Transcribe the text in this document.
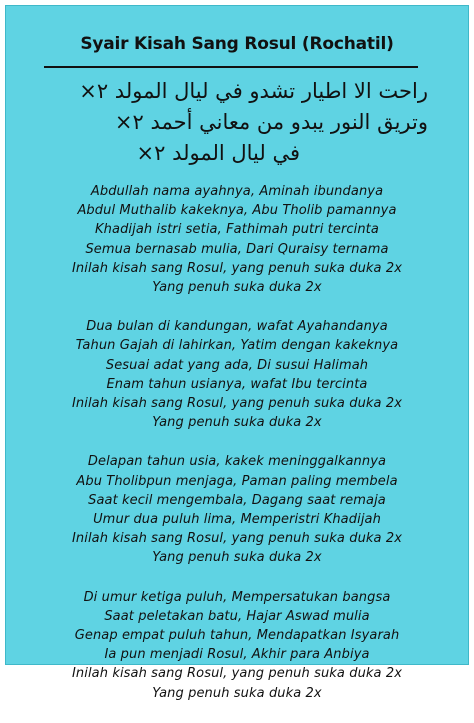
Syair Kisah Sang Rosul (Rochatil)
راحت الا اطيار تشدو في ليال المولد ٢×
وتريق النور يبدو من معاني أحمد ٢×
في ليال المولد ٢×
Abdullah nama ayahnya, Aminah ibundanya
Abdul Muthalib kakeknya, Abu Tholib pamannya
Khadijah istri setia, Fathimah putri tercinta
Semua bernasab mulia, Dari Quraisy ternama
Inilah kisah sang Rosul, yang penuh suka duka 2x
Yang penuh suka duka 2x
Dua bulan di kandungan, wafat Ayahandanya
Tahun Gajah di lahirkan, Yatim dengan kakeknya
Sesuai adat yang ada, Di susui Halimah
Enam tahun usianya, wafat Ibu tercinta
Inilah kisah sang Rosul, yang penuh suka duka 2x
Yang penuh suka duka 2x
Delapan tahun usia, kakek meninggalkannya
Abu Tholibpun menjaga, Paman paling membela
Saat kecil mengembala, Dagang saat remaja
Umur dua puluh lima, Memperistri Khadijah
Inilah kisah sang Rosul, yang penuh suka duka 2x
Yang penuh suka duka 2x
Di umur ketiga puluh, Mempersatukan bangsa
Saat peletakan batu, Hajar Aswad mulia
Genap empat puluh tahun, Mendapatkan Isyarah
Ia pun menjadi Rosul, Akhir para Anbiya
Inilah kisah sang Rosul, yang penuh suka duka 2x
Yang penuh suka duka 2x
